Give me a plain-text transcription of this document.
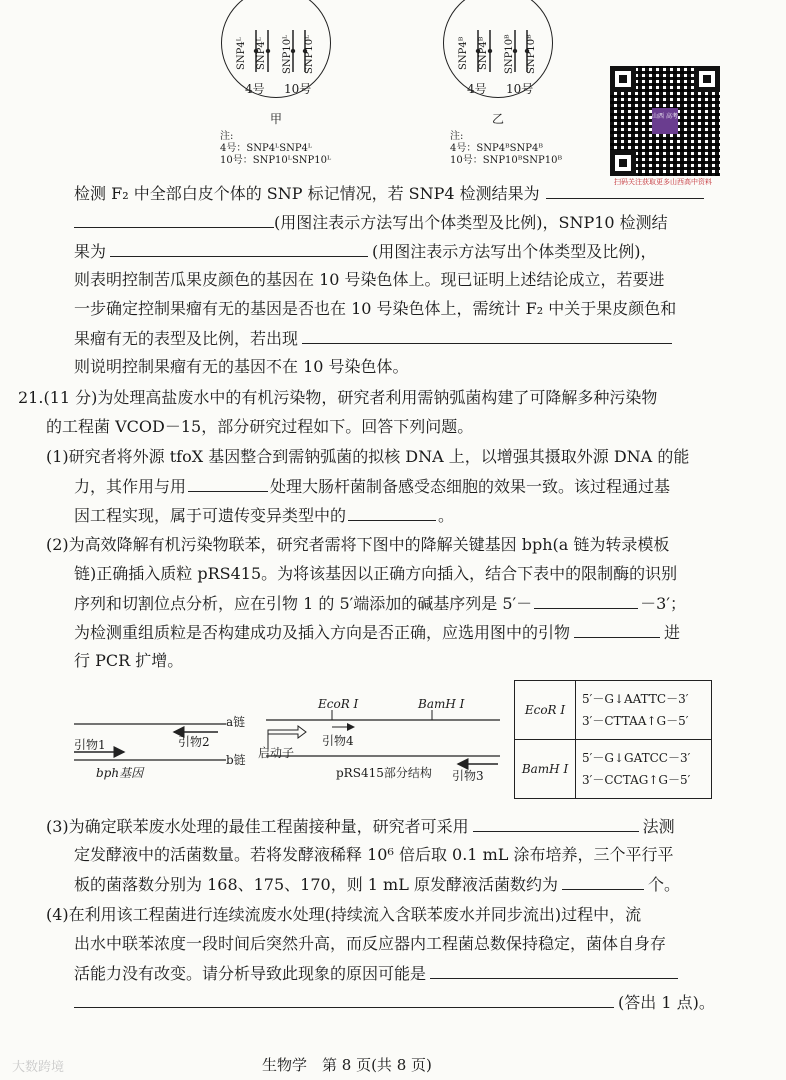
SNP4ᴸ SNP4ᴸ SNP10ᴸ SNP10ᴸ
4号 10号
甲
注:
4号：SNP4ᴸSNP4ᴸ
10号：SNP10ᴸSNP10ᴸ
SNP4ᴮ SNP4ᴮ SNP10ᴮ SNP10ᴮ
4号 10号
乙
注:
4号：SNP4ᴮSNP4ᴮ
10号：SNP10ᴮSNP10ᴮ
山西 高考
扫码关注获取更多山西高中资料
检测 F₂ 中全部白皮个体的 SNP 标记情况，若 SNP4 检测结果为
(用图注表示方法写出个体类型及比例)，SNP10 检测结
果为	(用图注表示方法写出个体类型及比例)，
则表明控制苦瓜果皮颜色的基因在 10 号染色体上。现已证明上述结论成立，若要进
一步确定控制果瘤有无的基因是否也在 10 号染色体上，需统计 F₂ 中关于果皮颜色和
果瘤有无的表型及比例，若出现
则说明控制果瘤有无的基因不在 10 号染色体。
21.(11 分)为处理高盐废水中的有机污染物，研究者利用需钠弧菌构建了可降解多种污染物
的工程菌 VCOD－15，部分研究过程如下。回答下列问题。
(1)研究者将外源 tfoX 基因整合到需钠弧菌的拟核 DNA 上，以增强其摄取外源 DNA 的能
力，其作用与用	处理大肠杆菌制备感受态细胞的效果一致。该过程通过基
因工程实现，属于可遗传变异类型中的	。
(2)为高效降解有机污染物联苯，研究者需将下图中的降解关键基因 bph(a 链为转录模板
链)正确插入质粒 pRS415。为将该基因以正确方向插入，结合下表中的限制酶的识别
序列和切割位点分析，应在引物 1 的 5′端添加的碱基序列是 5′－	－3′；
为检测重组质粒是否构建成功及插入方向是否正确，应选用图中的引物	进
行 PCR 扩增。
a链
b链
引物1	引物2
bph基因
EcoR Ⅰ	BamH Ⅰ
引物4
启动子
pRS415部分结构 引物3
EcoR Ⅰ	5′－G↓AATTC－3′
3′－CTTAA↑G－5′

BamH Ⅰ	5′－G↓GATCC－3′
3′－CCTAG↑G－5′
(3)为确定联苯废水处理的最佳工程菌接种量，研究者可采用	法测
定发酵液中的活菌数量。若将发酵液稀释 10⁶ 倍后取 0.1 mL 涂布培养，三个平行平
板的菌落数分别为 168、175、170，则 1 mL 原发酵液活菌数约为	个。
(4)在利用该工程菌进行连续流废水处理(持续流入含联苯废水并同步流出)过程中，流
出水中联苯浓度一段时间后突然升高，而反应器内工程菌总数保持稳定，菌体自身存
活能力没有改变。请分析导致此现象的原因可能是
(答出 1 点)。
生物学　第 8 页(共 8 页)
大数跨境
